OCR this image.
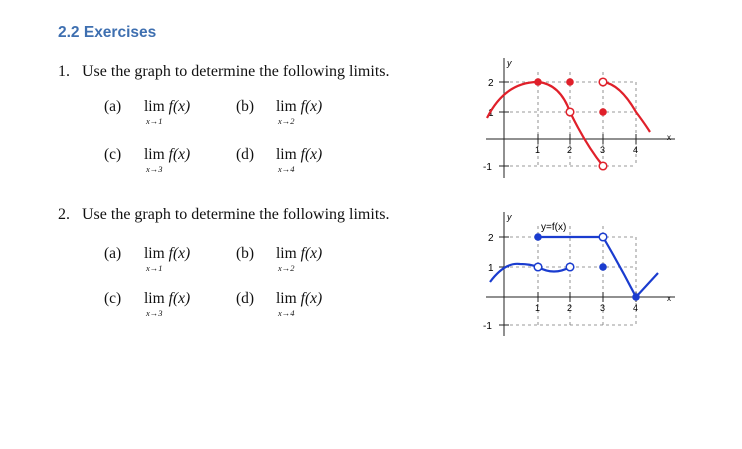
2.2 Exercises
1. Use the graph to determine the following limits.
(a) lim f(x)
x→1
(b) lim f(x)
x→2
(c) lim f(x)
x→3
(d) lim f(x)
x→4
2. Use the graph to determine the following limits.
(a) lim f(x)
x→1
(b) lim f(x)
x→2
(c) lim f(x)
x→3
(d) lim f(x)
x→4
y
x
2
1
-1
1	2	3	4
y
x
y=f(x)
2
1
-1
1	2	3	4
